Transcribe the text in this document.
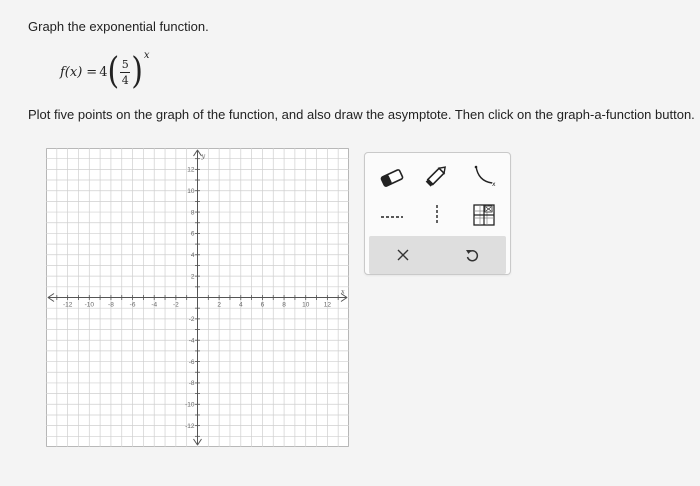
Graph the exponential function.
f(x) = 4 ( $\frac{5}{4}$ ) x
Plot five points on the graph of the function, and also draw the asymptote. Then click on the graph-a-function button.
-12 -10 -8 -6 -4 -2	2	4	6	8 10 12
12
10
8
6
4
2
-2
-4
-6
-8
-10
-12
x
y
x
